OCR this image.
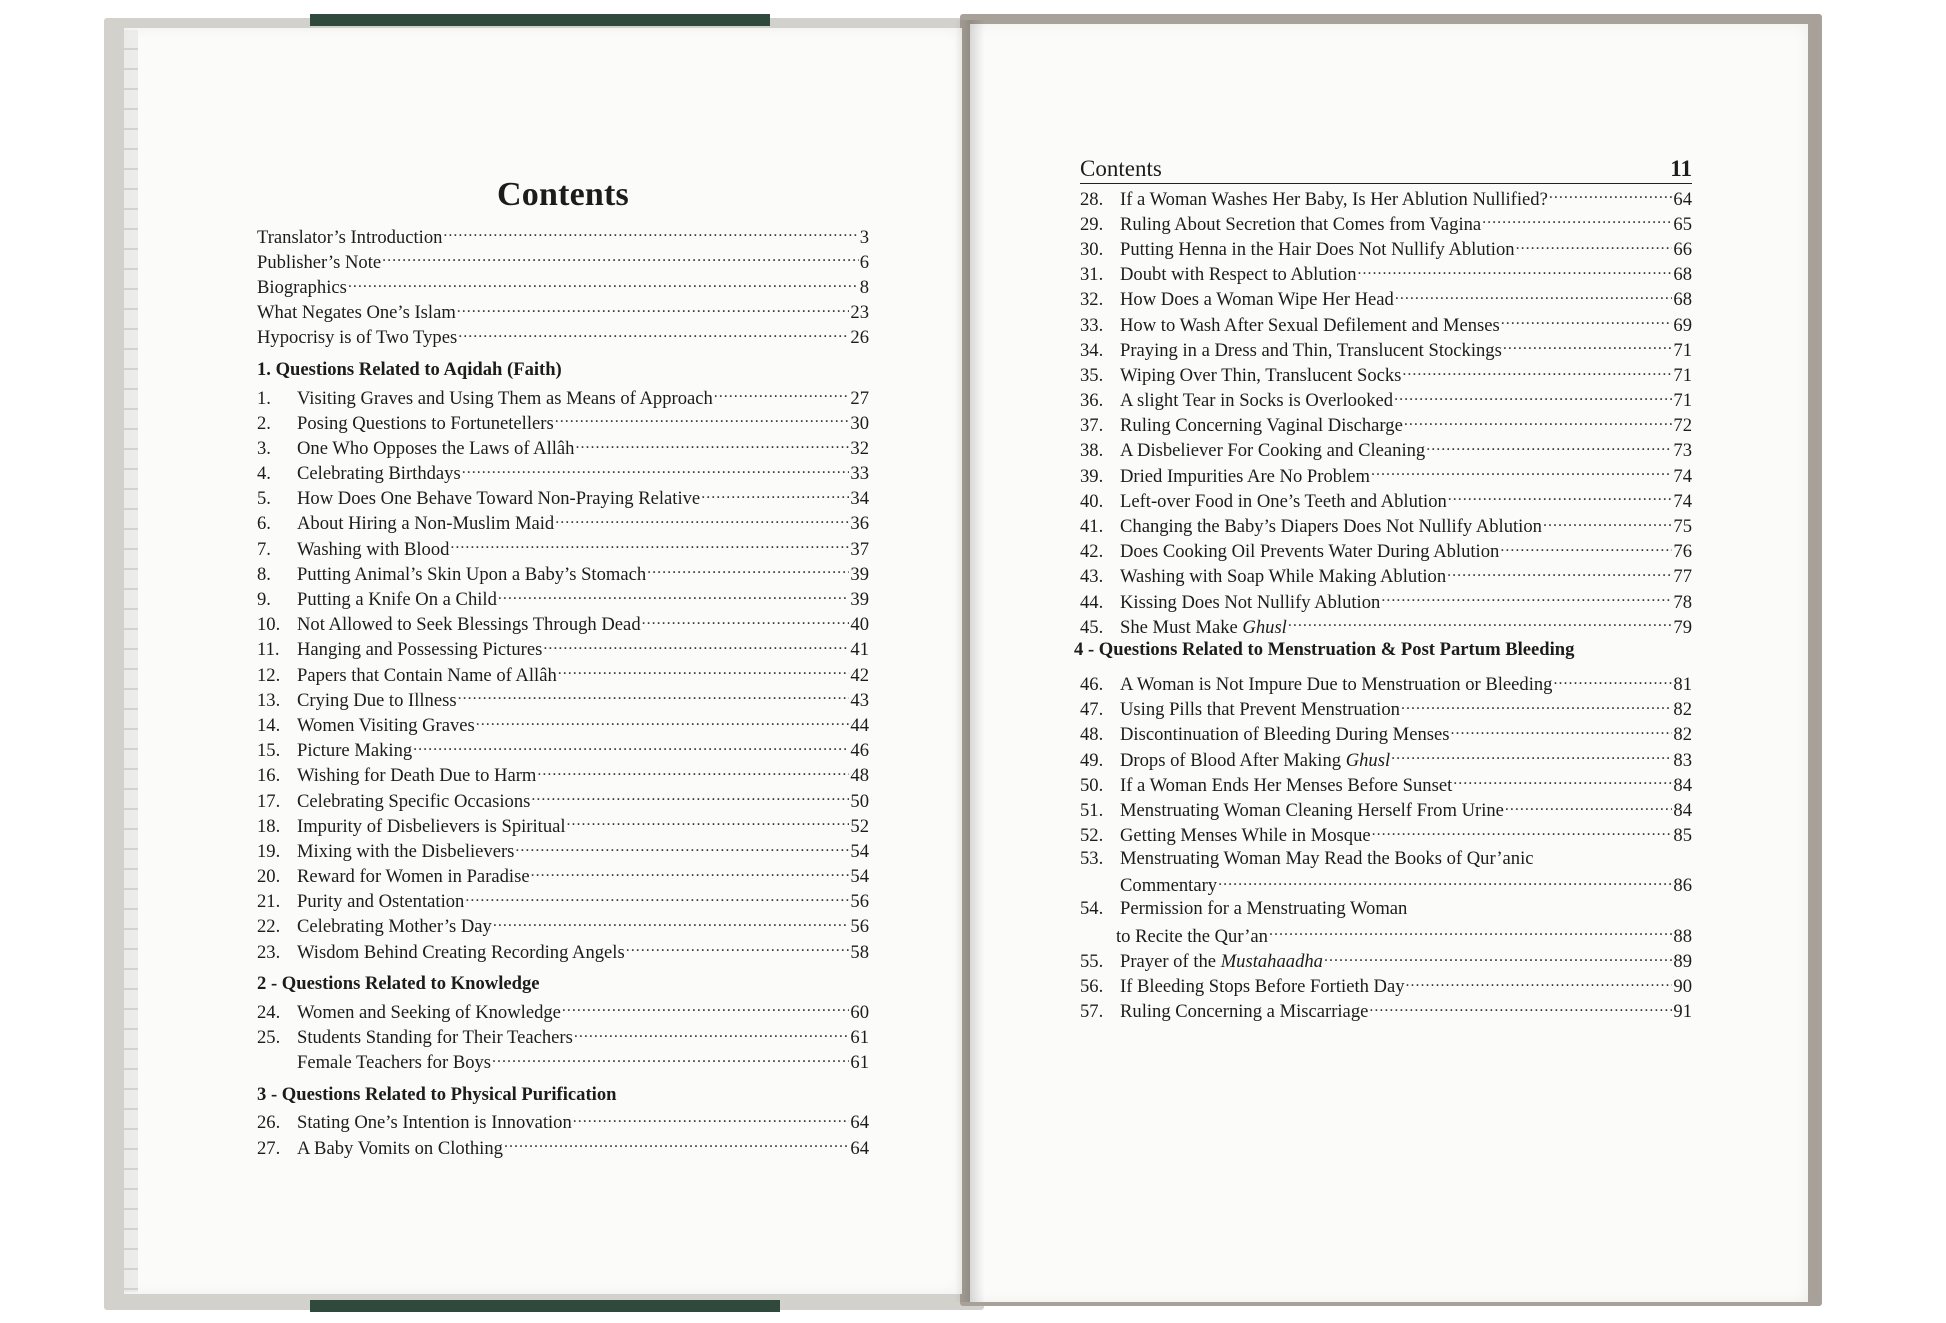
Contents
Translator’s Introduction .....	3
Publisher’s Note .....	6
Biographics .....	8
What Negates One’s Islam .....	23
Hypocrisy is of Two Types .....	26
1. Questions Related to Aqidah (Faith)
1.	Visiting Graves and Using Them as Means of Approach .....	27
2.	Posing Questions to Fortunetellers .....	30
3.	One Who Opposes the Laws of Allâh .....	32
4.	Celebrating Birthdays .....	33
5.	How Does One Behave Toward Non-Praying Relative .....	34
6.	About Hiring a Non-Muslim Maid .....	36
7.	Washing with Blood .....	37
8.	Putting Animal’s Skin Upon a Baby’s Stomach .....	39
9.	Putting a Knife On a Child .....	39
10. Not Allowed to Seek Blessings Through Dead .....	40
11. Hanging and Possessing Pictures .....	41
12. Papers that Contain Name of Allâh .....	42
13. Crying Due to Illness .....	43
14. Women Visiting Graves .....	44
15. Picture Making .....	46
16. Wishing for Death Due to Harm .....	48
17. Celebrating Specific Occasions .....	50
18. Impurity of Disbelievers is Spiritual .....	52
19. Mixing with the Disbelievers .....	54
20. Reward for Women in Paradise .....	54
21. Purity and Ostentation .....	56
22. Celebrating Mother’s Day .....	56
23. Wisdom Behind Creating Recording Angels .....	58
2 - Questions Related to Knowledge
24. Women and Seeking of Knowledge .....	60
25. Students Standing for Their Teachers .....	61
Female Teachers for Boys .....	61
3 - Questions Related to Physical Purification
26. Stating One’s Intention is Innovation .....	64
27. A Baby Vomits on Clothing .....	64
Contents	11
28. If a Woman Washes Her Baby, Is Her Ablution Nullified? .....	64
29. Ruling About Secretion that Comes from Vagina .....	65
30. Putting Henna in the Hair Does Not Nullify Ablution .....	66
31. Doubt with Respect to Ablution .....	68
32. How Does a Woman Wipe Her Head .....	68
33. How to Wash After Sexual Defilement and Menses .....	69
34. Praying in a Dress and Thin, Translucent Stockings .....	71
35. Wiping Over Thin, Translucent Socks .....	71
36. A slight Tear in Socks is Overlooked .....	71
37. Ruling Concerning Vaginal Discharge .....	72
38. A Disbeliever For Cooking and Cleaning .....	73
39. Dried Impurities Are No Problem .....	74
40. Left-over Food in One’s Teeth and Ablution .....	74
41. Changing the Baby’s Diapers Does Not Nullify Ablution .....	75
42. Does Cooking Oil Prevents Water During Ablution .....	76
43. Washing with Soap While Making Ablution .....	77
44. Kissing Does Not Nullify Ablution .....	78
45. She Must Make Ghusl .....	79
4 - Questions Related to Menstruation & Post Partum Bleeding
46. A Woman is Not Impure Due to Menstruation or Bleeding .....	81
47. Using Pills that Prevent Menstruation .....	82
48. Discontinuation of Bleeding During Menses .....	82
49. Drops of Blood After Making Ghusl .....	83
50. If a Woman Ends Her Menses Before Sunset .....	84
51. Menstruating Woman Cleaning Herself From Urine .....	84
52. Getting Menses While in Mosque .....	85
53. Menstruating Woman May Read the Books of Qur’anic
Commentary .....	86
54. Permission for a Menstruating Woman
to Recite the Qur’an .....	88
55. Prayer of the Mustahaadha .....	89
56. If Bleeding Stops Before Fortieth Day .....	90
57. Ruling Concerning a Miscarriage .....	91
